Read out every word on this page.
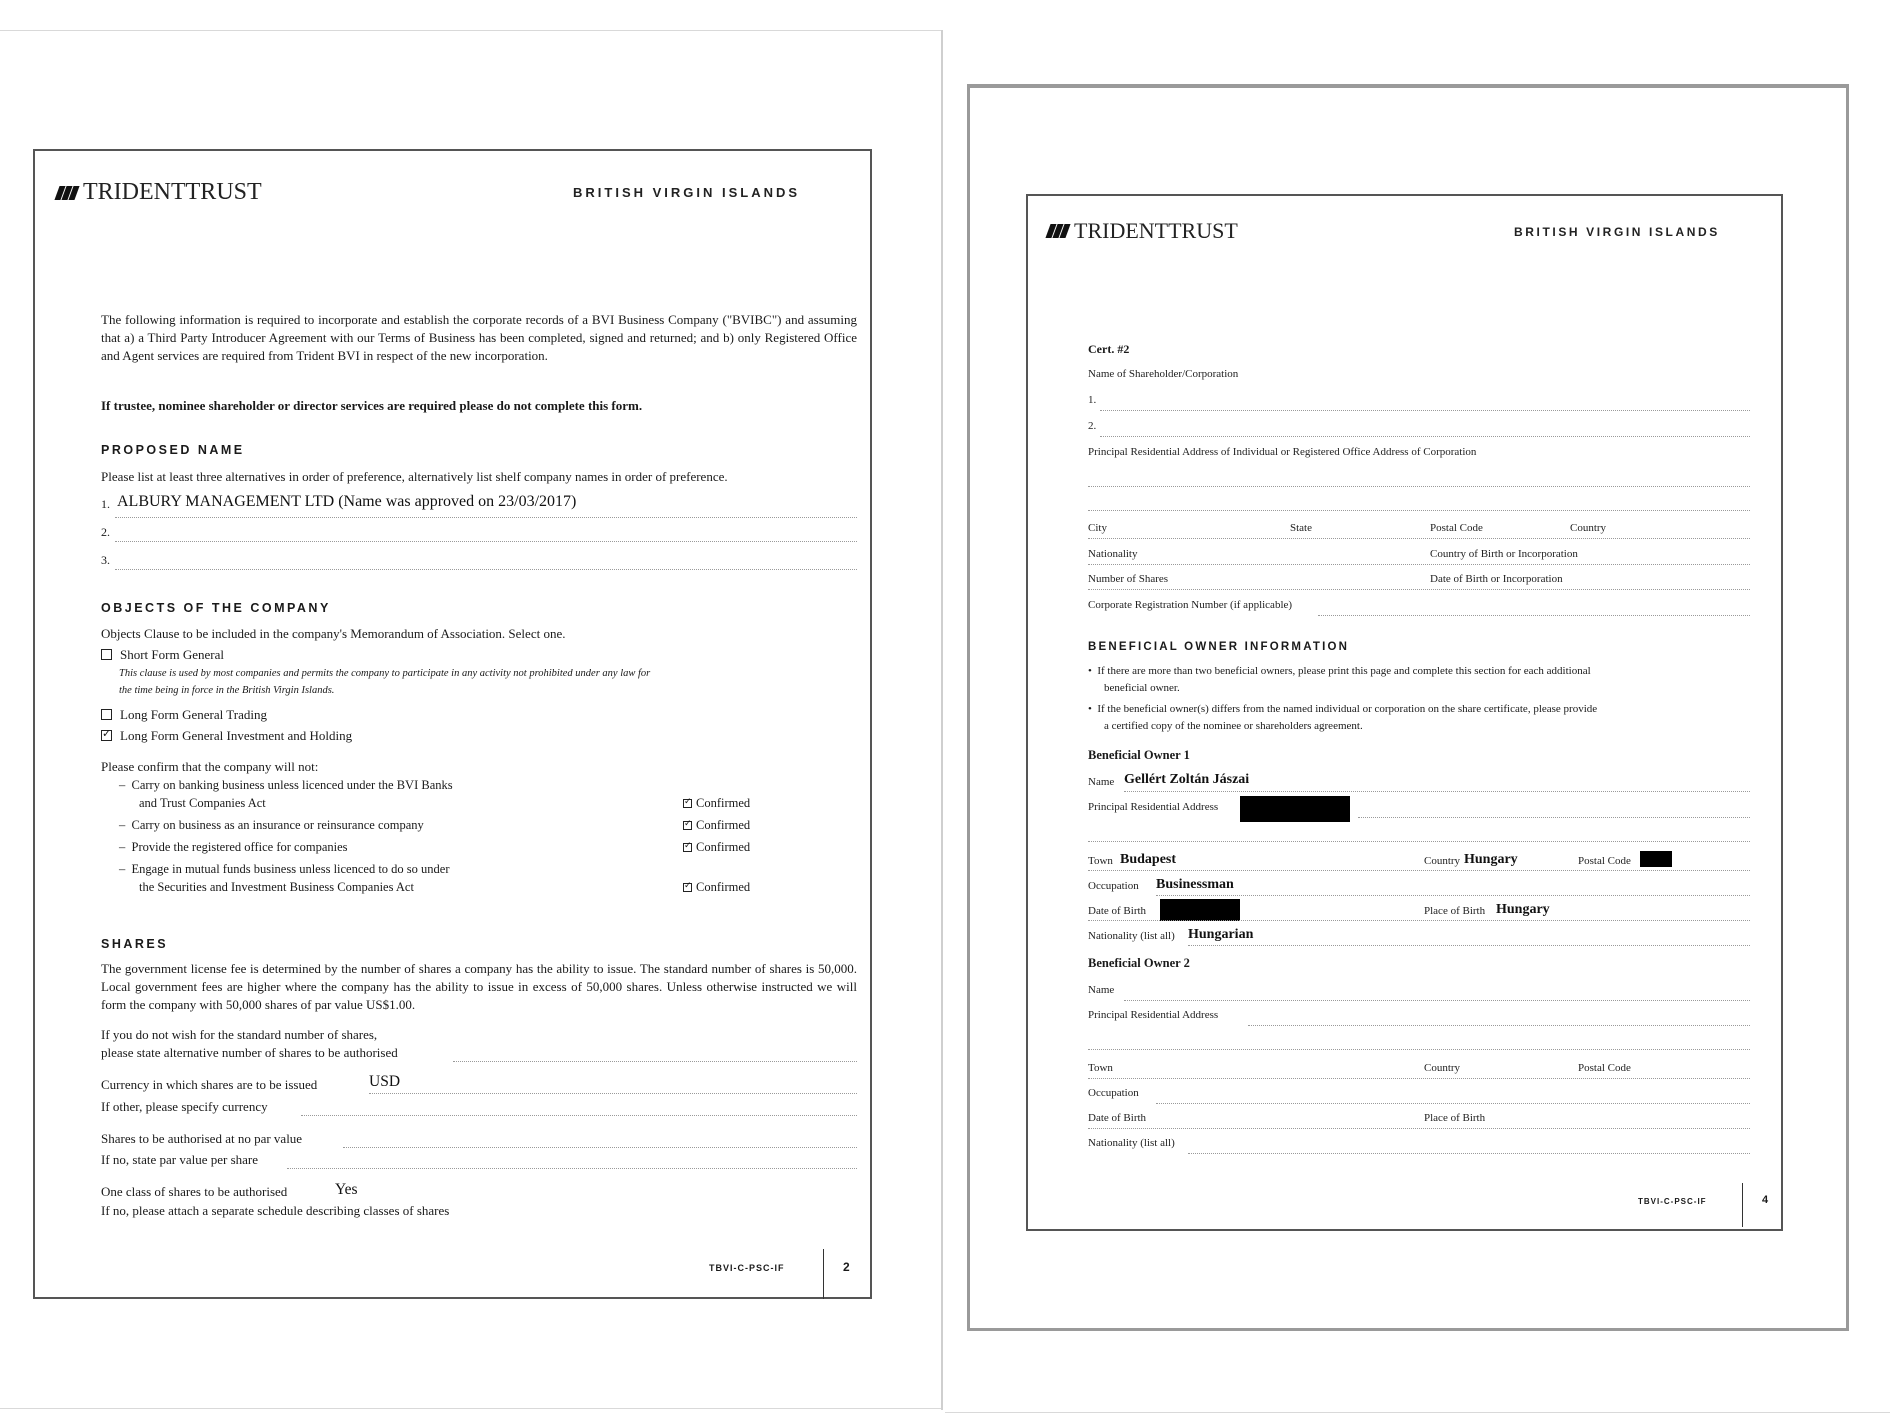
TRIDENTTRUST	BRITISH VIRGIN ISLANDS
The following information is required to incorporate and establish the corporate records of a BVI Business Company ("BVIBC") and assuming that a) a Third Party Introducer Agreement with our Terms of Business has been completed, signed and returned; and b) only Registered Office and Agent services are required from Trident BVI in respect of the new incorporation.
If trustee, nominee shareholder or director services are required please do not complete this form.
PROPOSED NAME
Please list at least three alternatives in order of preference, alternatively list shelf company names in order of preference.
1. ALBURY MANAGEMENT LTD (Name was approved on 23/03/2017)
2.
3.
OBJECTS OF THE COMPANY
Objects Clause to be included in the company's Memorandum of Association. Select one.
Short Form General
This clause is used by most companies and permits the company to participate in any activity not prohibited under any law for
the time being in force in the British Virgin Islands.
Long Form General Trading
✓Long Form General Investment and Holding
Please confirm that the company will not:
–  Carry on banking business unless licenced under the BVI Banks
and Trust Companies Act ✓	Confirmed
–  Carry on business as an insurance or reinsurance company ✓	Confirmed
–  Provide the registered office for companies ✓	Confirmed
–  Engage in mutual funds business unless licenced to do so under
the Securities and Investment Business Companies Act ✓	Confirmed
SHARES
The government license fee is determined by the number of shares a company has the ability to issue. The standard number of shares is 50,000. Local government fees are higher where the company has the ability to issue in excess of 50,000 shares. Unless otherwise instructed we will form the company with 50,000 shares of par value US$1.00.
If you do not wish for the standard number of shares,
please state alternative number of shares to be authorised
Currency in which shares are to be issued	USD
If other, please specify currency
Shares to be authorised at no par value
If no, state par value per share
One class of shares to be authorised	Yes
If no, please attach a separate schedule describing classes of shares
TBVI-C-PSC-IF	2
TRIDENTTRUST	BRITISH VIRGIN ISLANDS
Cert. #2
Name of Shareholder/Corporation
1.
2.
Principal Residential Address of Individual or Registered Office Address of Corporation
City	State	Postal Code	Country
Nationality	Country of Birth or Incorporation
Number of Shares	Date of Birth or Incorporation
Corporate Registration Number (if applicable)
BENEFICIAL OWNER INFORMATION
•  If there are more than two beneficial owners, please print this page and complete this section for each additional
beneficial owner.
•  If the beneficial owner(s) differs from the named individual or corporation on the share certificate, please provide
a certified copy of the nominee or shareholders agreement.
Beneficial Owner 1
Name Gellért Zoltán Jászai
Principal Residential Address
Town Budapest	Country Hungary	Postal Code
Occupation Businessman
Date of Birth	Place of Birth Hungary
Nationality (list all) Hungarian
Beneficial Owner 2
Name
Principal Residential Address
Town	Country	Postal Code
Occupation
Date of Birth	Place of Birth
Nationality (list all)
TBVI-C-PSC-IF	4
